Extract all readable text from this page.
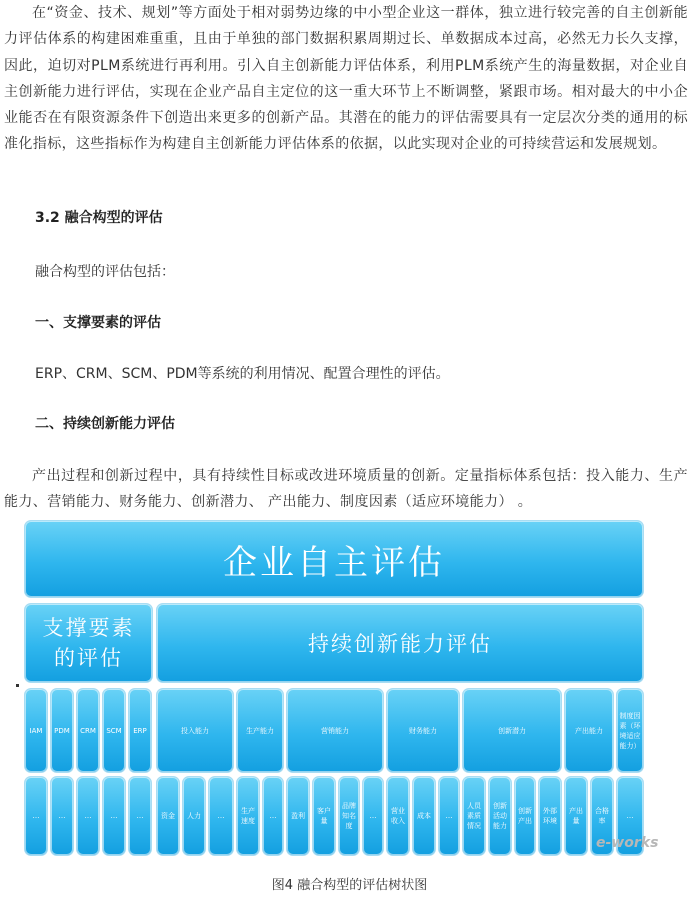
在“资金、技术、规划”等方面处于相对弱势边缘的中小型企业这一群体，独立进行较完善的自主创新能力评估体系的构建困难重重，且由于单独的部门数据积累周期过长、单数据成本过高，必然无力长久支撑，因此，迫切对PLM系统进行再利用。引入自主创新能力评估体系，利用PLM系统产生的海量数据，对企业自主创新能力进行评估，实现在企业产品自主定位的这一重大环节上不断调整，紧跟市场。相对最大的中小企业能否在有限资源条件下创造出来更多的创新产品。其潜在的能力的评估需要具有一定层次分类的通用的标准化指标，这些指标作为构建自主创新能力评估体系的依据，以此实现对企业的可持续营运和发展规划。

3.2 融合构型的评估

融合构型的评估包括：

一、支撑要素的评估

ERP、CRM、SCM、PDM等系统的利用情况、配置合理性的评估。

二、持续创新能力评估

产出过程和创新过程中，具有持续性目标或改进环境质量的创新。定量指标体系包括：投入能力、生产能力、营销能力、财务能力、创新潜力、 产出能力、制度因素（适应环境能力） 。

企业自主评估
支撑要素的评估
持续创新能力评估
IAM	PDM	CRM	SCM	ERP	投入能力	生产能力	营销能力	财务能力	创新潜力	产出能力
制度因素（环境适应能力）
…	…	…	…	…	资金	人力	…
生产速度
…	盈利
客户量
品牌知名度
…
营业收入
成本	…
人员素质情况
创新活动能力
创新产出
外部环境
产出量
合格率
…
e-works

图4 融合构型的评估树状图
